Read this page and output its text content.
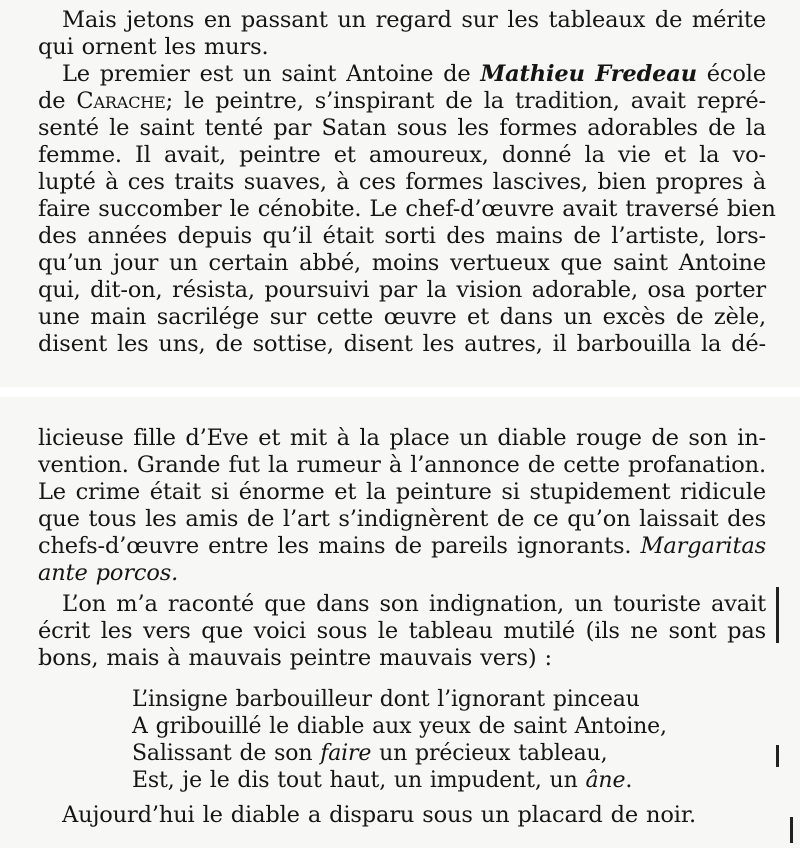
Mais jetons en passant un regard sur les tableaux de mérite
qui ornent les murs.
Le premier est un saint Antoine de Mathieu Fredeau école
de Carache; le peintre, s’inspirant de la tradition, avait repré-
senté le saint tenté par Satan sous les formes adorables de la
femme. Il avait, peintre et amoureux, donné la vie et la vo-
lupté à ces traits suaves, à ces formes lascives, bien propres à
faire succomber le cénobite. Le chef-d’œuvre avait traversé bien
des années depuis qu’il était sorti des mains de l’artiste, lors-
qu’un jour un certain abbé, moins vertueux que saint Antoine
qui, dit-on, résista, poursuivi par la vision adorable, osa porter
une main sacrilége sur cette œuvre et dans un excès de zèle,
disent les uns, de sottise, disent les autres, il barbouilla la dé-
licieuse fille d’Eve et mit à la place un diable rouge de son in-
vention. Grande fut la rumeur à l’annonce de cette profanation.
Le crime était si énorme et la peinture si stupidement ridicule
que tous les amis de l’art s’indignèrent de ce qu’on laissait des
chefs-d’œuvre entre les mains de pareils ignorants. Margaritas
ante porcos.
L’on m’a raconté que dans son indignation, un touriste avait
écrit les vers que voici sous le tableau mutilé (ils ne sont pas
bons, mais à mauvais peintre mauvais vers) :
L’insigne barbouilleur dont l’ignorant pinceau
A gribouillé le diable aux yeux de saint Antoine,
Salissant de son faire un précieux tableau,
Est, je le dis tout haut, un impudent, un âne.
Aujourd’hui le diable a disparu sous un placard de noir.
